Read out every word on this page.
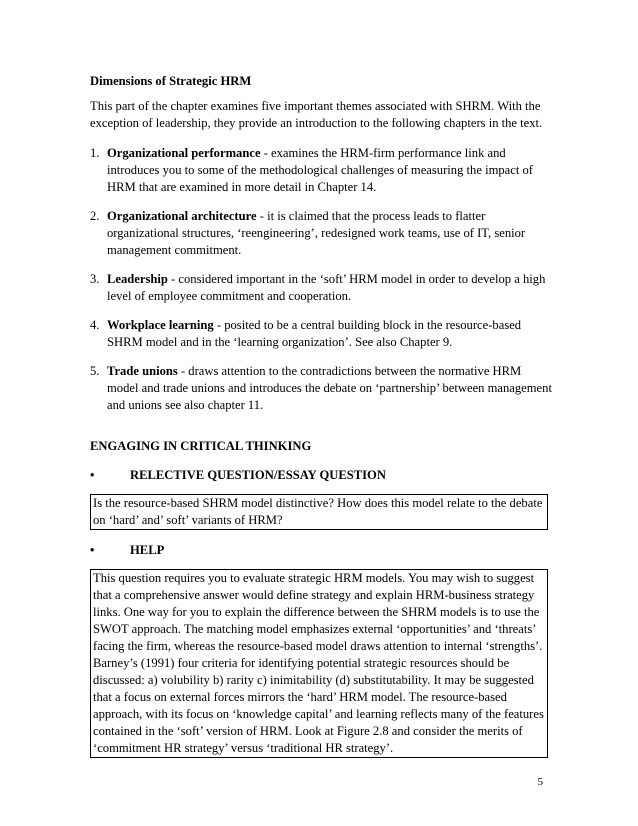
Dimensions of Strategic HRM

This part of the chapter examines five important themes associated with SHRM. With the exception of leadership, they provide an introduction to the following chapters in the text.

1. Organizational performance - examines the HRM-firm performance link and introduces you to some of the methodological challenges of measuring the impact of HRM that are examined in more detail in Chapter 14.
2. Organizational architecture - it is claimed that the process leads to flatter organizational structures, ‘reengineering’, redesigned work teams, use of IT, senior management commitment.
3. Leadership - considered important in the ‘soft’ HRM model in order to develop a high level of employee commitment and cooperation.
4. Workplace learning - posited to be a central building block in the resource-based SHRM model and in the ‘learning organization’. See also Chapter 9.
5. Trade unions - draws attention to the contradictions between the normative HRM model and trade unions and introduces the debate on ‘partnership’ between management and unions see also chapter 11.

ENGAGING IN CRITICAL THINKING

•	RELECTIVE QUESTION/ESSAY QUESTION
Is the resource-based SHRM model distinctive? How does this model relate to the debate on ‘hard’ and’ soft’ variants of HRM?
•	HELP
This question requires you to evaluate strategic HRM models. You may wish to suggest that a comprehensive answer would define strategy and explain HRM-business strategy links. One way for you to explain the difference between the SHRM models is to use the SWOT approach. The matching model emphasizes external ‘opportunities’ and ‘threats’ facing the firm, whereas the resource-based model draws attention to internal ‘strengths’. Barney’s (1991) four criteria for identifying potential strategic resources should be discussed: a) volubility b) rarity c) inimitability (d) substitutability. It may be suggested that a focus on external forces mirrors the ‘hard’ HRM model. The resource-based approach, with its focus on ‘knowledge capital’ and learning reflects many of the features contained in the ‘soft’ version of HRM. Look at Figure 2.8 and consider the merits of ‘commitment HR strategy’ versus ‘traditional HR strategy’.
5
